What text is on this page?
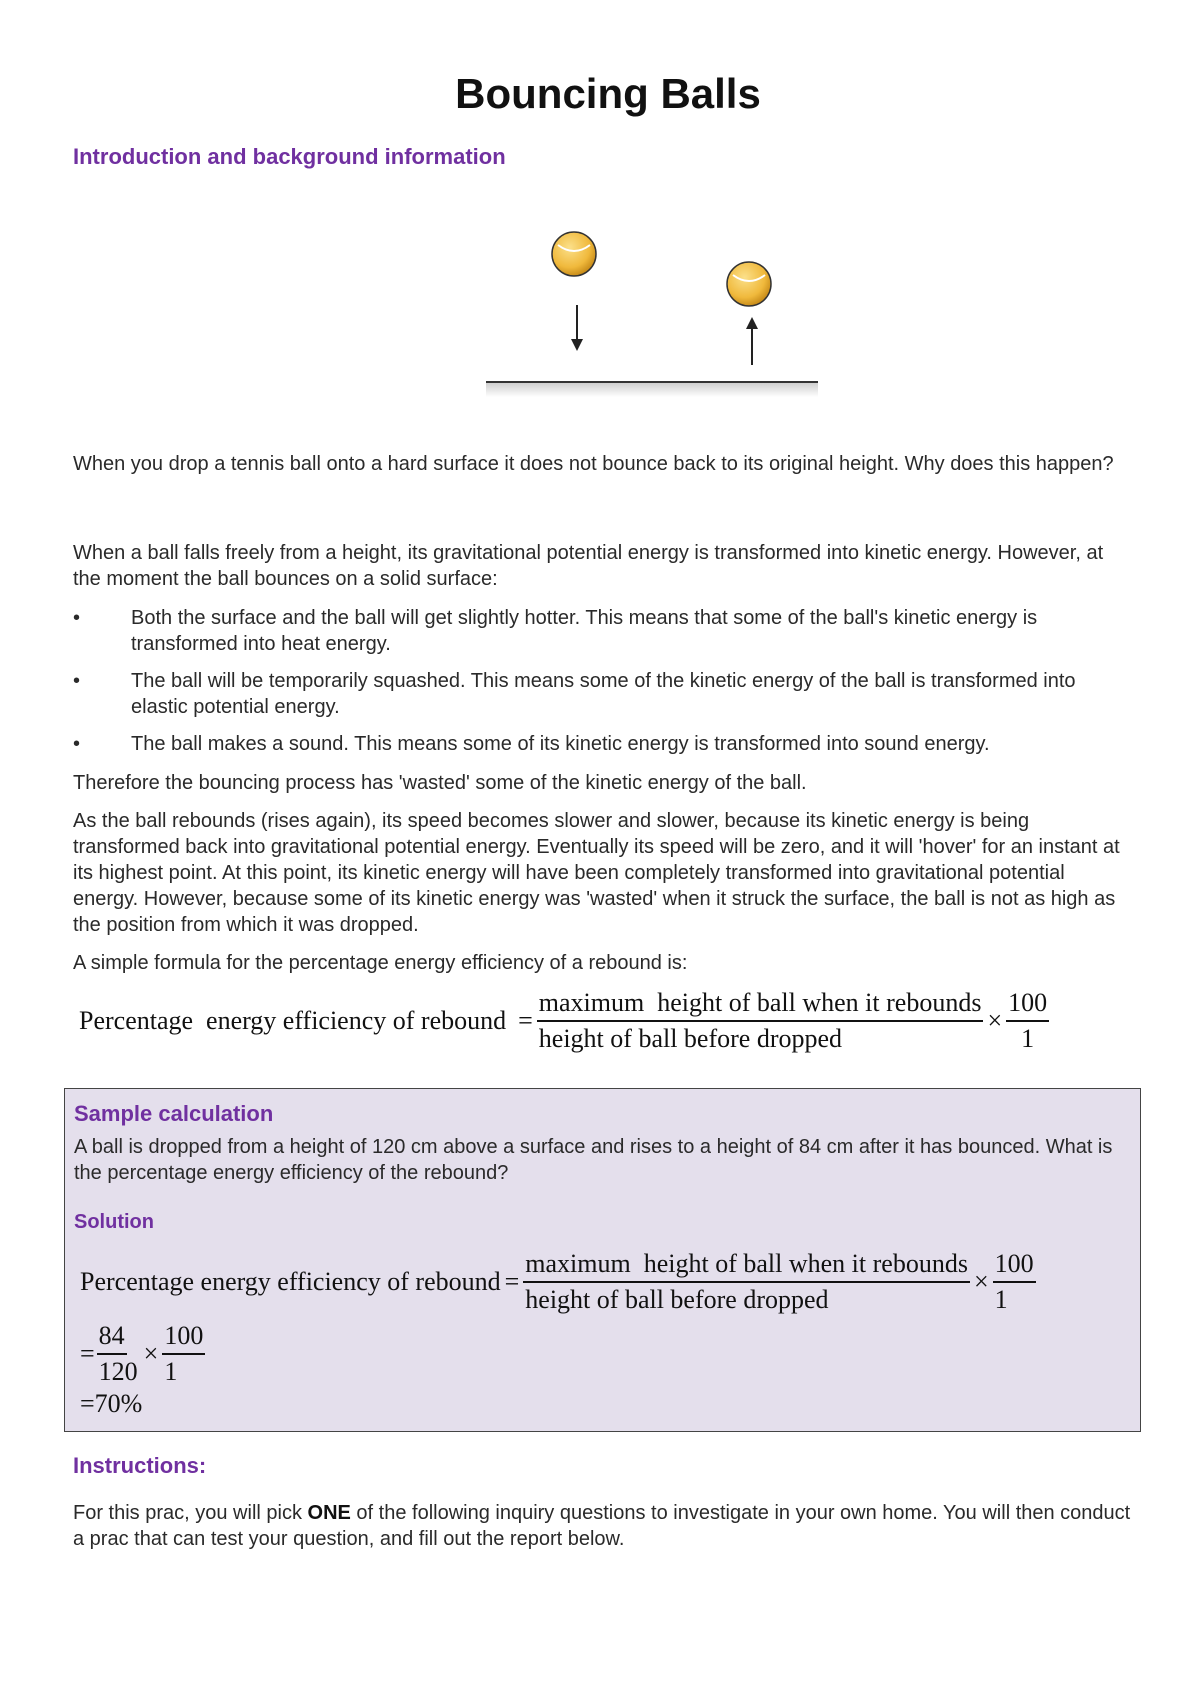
Bouncing Balls
Introduction and background information

When you drop a tennis ball onto a hard surface it does not bounce back to its original height. Why does this happen?

When a ball falls freely from a height, its gravitational potential energy is transformed into kinetic energy. However, at the moment the ball bounces on a solid surface:

•	Both the surface and the ball will get slightly hotter. This means that some of the ball's kinetic energy is transformed into heat energy.
•	The ball will be temporarily squashed. This means some of the kinetic energy of the ball is transformed into elastic potential energy.
•	The ball makes a sound. This means some of its kinetic energy is transformed into sound energy.

Therefore the bouncing process has 'wasted' some of the kinetic energy of the ball.

As the ball rebounds (rises again), its speed becomes slower and slower, because its kinetic energy is being transformed back into gravitational potential energy. Eventually its speed will be zero, and it will 'hover' for an instant at its highest point. At this point, its kinetic energy will have been completely transformed into gravitational potential energy. However, because some of its kinetic energy was 'wasted' when it struck the surface, the ball is not as high as the position from which it was dropped.

A simple formula for the percentage energy efficiency of a rebound is:

Percentage  energy efficiency of rebound = $\frac{\text{maximum  height of ball when it rebounds}}{\text{height of ball before dropped}} \times \frac{100}{1}$
Sample calculation

A ball is dropped from a height of 120 cm above a surface and rises to a height of 84 cm after it has bounced. What is the percentage energy efficiency of the rebound?

Solution
Percentage energy efficiency of rebound = $\frac{\text{maximum  height of ball when it rebounds}}{\text{height of ball before dropped}} \times \frac{100}{1}$
= $\frac{84}{120} \times \frac{100}{1}$
=70%
Instructions:

For this prac, you will pick ONE of the following inquiry questions to investigate in your own home. You will then conduct a prac that can test your question, and fill out the report below.
